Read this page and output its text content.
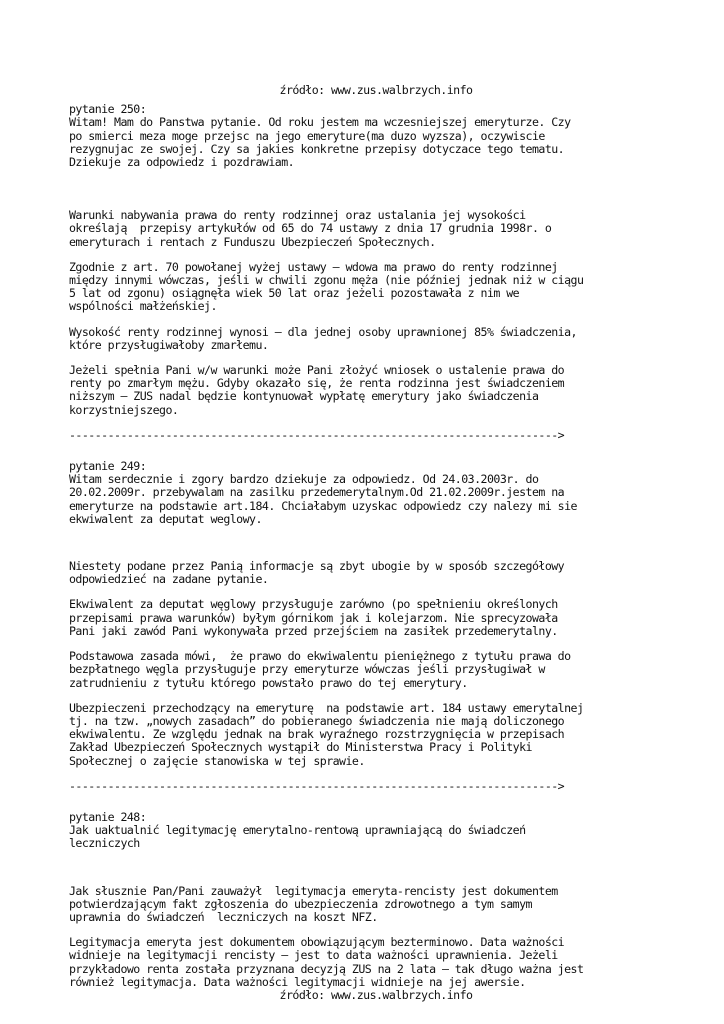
źródło: www.zus.walbrzych.info

pytanie 250:

Witam! Mam do Panstwa pytanie. Od roku jestem ma wczesniejszej emeryturze. Czy
po smierci meza moge przejsc na jego emeryture(ma duzo wyzsza), oczywiscie
rezygnujac ze swojej. Czy sa jakies konkretne przepisy dotyczace tego tematu.
Dziekuje za odpowiedz i pozdrawiam.

Warunki nabywania prawa do renty rodzinnej oraz ustalania jej wysokości
określają  przepisy artykułów od 65 do 74 ustawy z dnia 17 grudnia 1998r. o
emeryturach i rentach z Funduszu Ubezpieczeń Społecznych.

Zgodnie z art. 70 powołanej wyżej ustawy – wdowa ma prawo do renty rodzinnej
między innymi wówczas, jeśli w chwili zgonu męża (nie później jednak niż w ciągu
5 lat od zgonu) osiągnęła wiek 50 lat oraz jeżeli pozostawała z nim we
wspólności małżeńskiej.

Wysokość renty rodzinnej wynosi – dla jednej osoby uprawnionej 85% świadczenia,
które przysługiwałoby zmarłemu.

Jeżeli spełnia Pani w/w warunki może Pani złożyć wniosek o ustalenie prawa do
renty po zmarłym mężu. Gdyby okazało się, że renta rodzinna jest świadczeniem
niższym – ZUS nadal będzie kontynuował wypłatę emerytury jako świadczenia
korzystniejszego.

---------------------------------------------------------------------------->

pytanie 249:

Witam serdecznie i zgory bardzo dziekuje za odpowiedz. Od 24.03.2003r. do
20.02.2009r. przebywalam na zasilku przedemerytalnym.Od 21.02.2009r.jestem na
emeryturze na podstawie art.184. Chciałabym uzyskac odpowiedz czy nalezy mi sie
ekwiwalent za deputat weglowy.

Niestety podane przez Panią informacje są zbyt ubogie by w sposób szczegółowy
odpowiedzieć na zadane pytanie.

Ekwiwalent za deputat węglowy przysługuje zarówno (po spełnieniu określonych
przepisami prawa warunków) byłym górnikom jak i kolejarzom. Nie sprecyzowała
Pani jaki zawód Pani wykonywała przed przejściem na zasiłek przedemerytalny.

Podstawowa zasada mówi,  że prawo do ekwiwalentu pieniężnego z tytułu prawa do
bezpłatnego węgla przysługuje przy emeryturze wówczas jeśli przysługiwał w
zatrudnieniu z tytułu którego powstało prawo do tej emerytury.

Ubezpieczeni przechodzący na emeryturę  na podstawie art. 184 ustawy emerytalnej
tj. na tzw. „nowych zasadach” do pobieranego świadczenia nie mają doliczonego
ekwiwalentu. Ze względu jednak na brak wyraźnego rozstrzygnięcia w przepisach
Zakład Ubezpieczeń Społecznych wystąpił do Ministerstwa Pracy i Polityki
Społecznej o zajęcie stanowiska w tej sprawie.

---------------------------------------------------------------------------->

pytanie 248:

Jak uaktualnić legitymację emerytalno-rentową uprawniającą do świadczeń
leczniczych

Jak słusznie Pan/Pani zauważył  legitymacja emeryta-rencisty jest dokumentem
potwierdzającym fakt zgłoszenia do ubezpieczenia zdrowotnego a tym samym
uprawnia do świadczeń  leczniczych na koszt NFZ.

Legitymacja emeryta jest dokumentem obowiązującym bezterminowo. Data ważności
widnieje na legitymacji rencisty – jest to data ważności uprawnienia. Jeżeli
przykładowo renta została przyznana decyzją ZUS na 2 lata – tak długo ważna jest
również legitymacja. Data ważności legitymacji widnieje na jej awersie.

źródło: www.zus.walbrzych.info
